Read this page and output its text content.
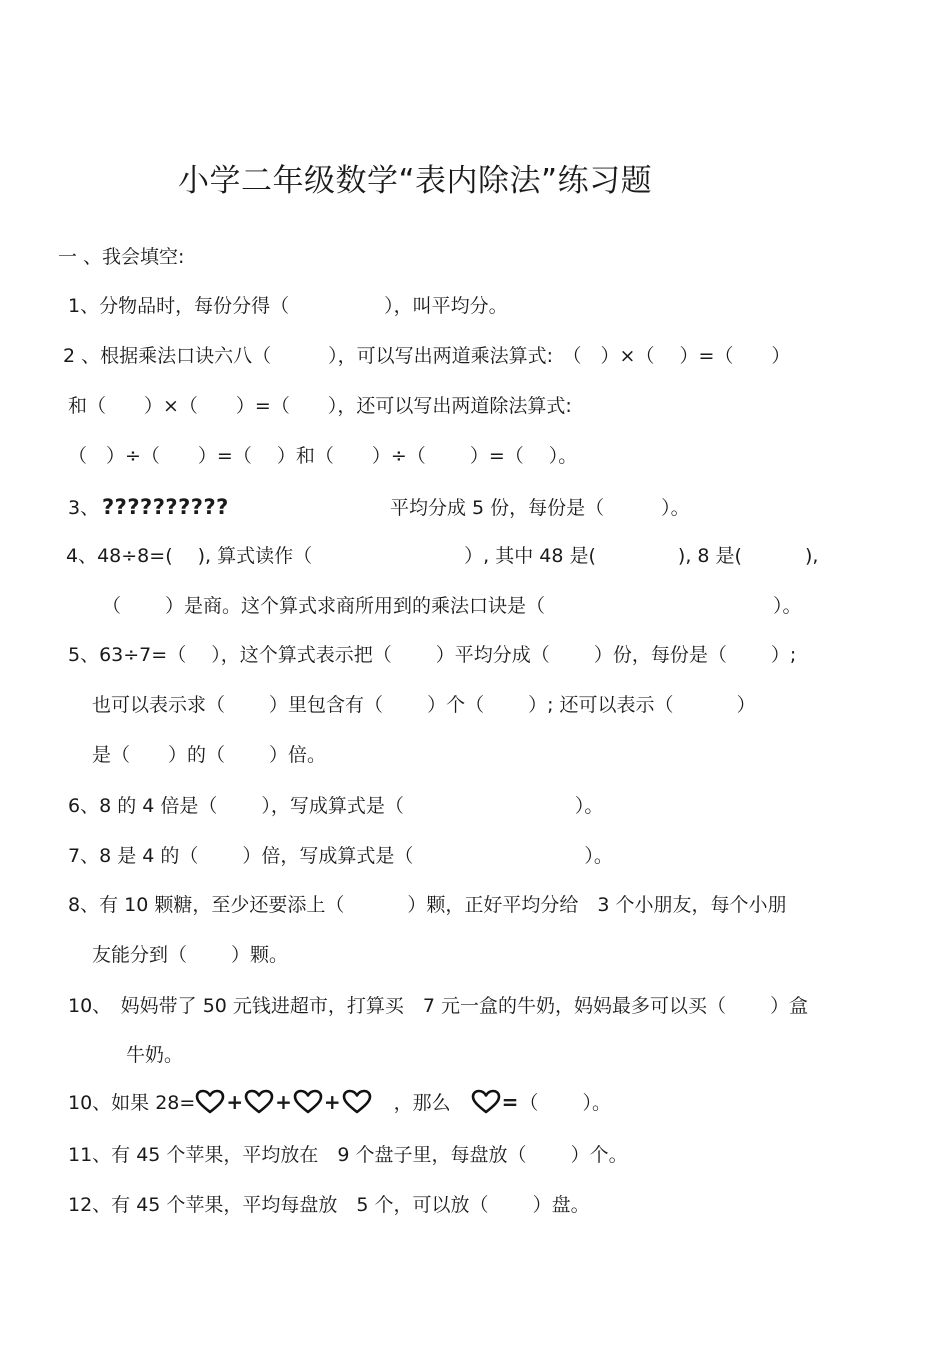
小学二年级数学“表内除法”练习题
一 、我会填空:
1、分物品时，每份分得（　　　　　），叫平均分。
2 、根据乘法口诀六八（　　　），可以写出两道乘法算式:　（　）×（　 ）=（　　）
和（　　）×（　　）=（　　），还可以写出两道除法算式:
（　）÷（　　）=（　 ）和（　　）÷（　　 ）=（　 ）。
3、 ??????????	平均分成 5 份，每份是（　　　）。
4、48÷8=(　 ), 算式读作（　　　　　　　　）, 其中 48 是(　　　　 ), 8 是(　　　 ),
（　　 ）是商。这个算式求商所用到的乘法口诀是（　　　　　　　　　　　　）。
5、63÷7=（　 ），这个算式表示把（　　 ）平均分成（　　 ）份，每份是（　　 ）;
也可以表示求（　　 ）里包含有（　　 ）个（　　 ）; 还可以表示（　　　 ）
是（　　）的（　　 ）倍。
6、8 的 4 倍是（　　 ），写成算式是（　　　　　　　　　）。
7、8 是 4 的（　　 ）倍，写成算式是（　　　　　　　　　）。
8、有 10 颗糖，至少还要添上（　　　 ）颗，正好平均分给　3 个小朋友，每个小朋
友能分到（　　 ）颗。
10、　妈妈带了 50 元钱进超市，打算买　7 元一盒的牛奶，妈妈最多可以买（　　 ）盒
牛奶。
10、如果 28= + + +	，那么	= （　　 ）。
11、有 45 个苹果，平均放在　9 个盘子里，每盘放（　　 ）个。
12、有 45 个苹果，平均每盘放　5 个，可以放（　　 ）盘。
